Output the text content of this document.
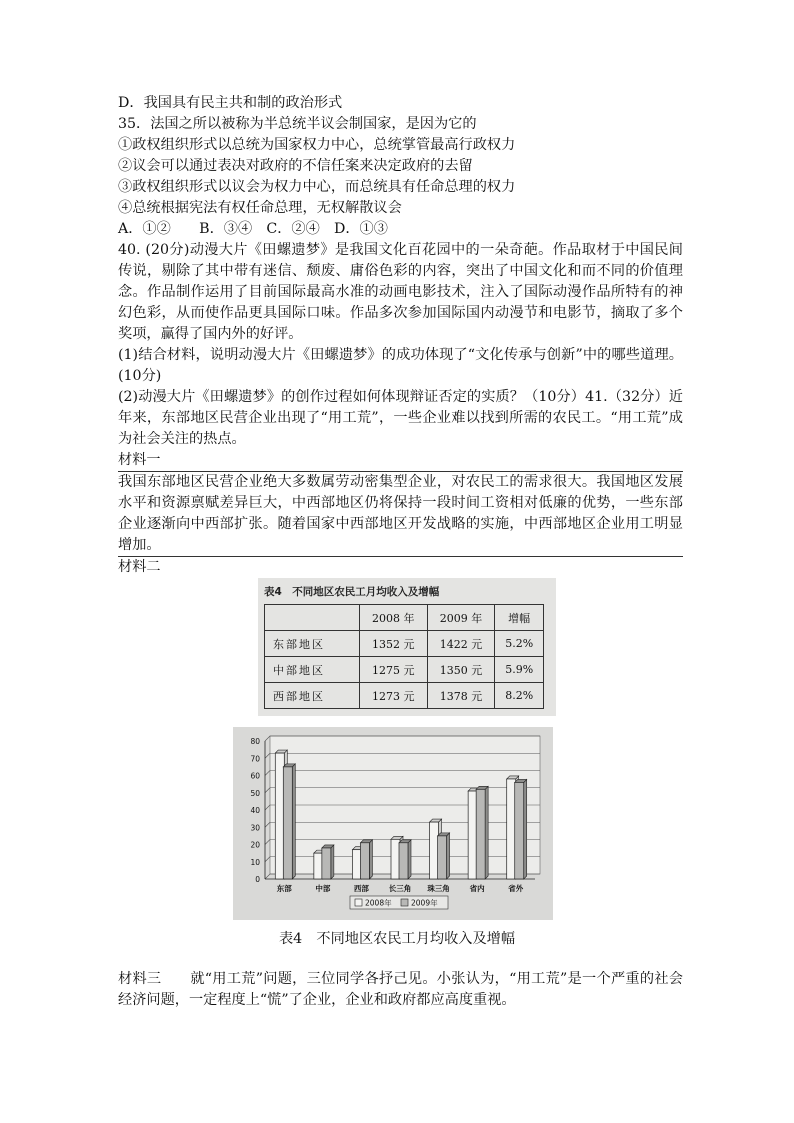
D．我国具有民主共和制的政治形式
35．法国之所以被称为半总统半议会制国家，是因为它的
①政权组织形式以总统为国家权力中心，总统掌管最高行政权力
②议会可以通过表决对政府的不信任案来决定政府的去留
③政权组织形式以议会为权力中心，而总统具有任命总理的权力
④总统根据宪法有权任命总理，无权解散议会
A．①②　　B．③④　C．②④　D．①③
40. (20分)动漫大片《田螺遗梦》是我国文化百花园中的一朵奇葩。作品取材于中国民间传说，剔除了其中带有迷信、颓废、庸俗色彩的内容，突出了中国文化和而不同的价值理念。作品制作运用了目前国际最高水准的动画电影技术，注入了国际动漫作品所特有的神幻色彩，从而使作品更具国际口味。作品多次参加国际国内动漫节和电影节，摘取了多个奖项，赢得了国内外的好评。
(1)结合材料，说明动漫大片《田螺遗梦》的成功体现了“文化传承与创新”中的哪些道理。(10分)
(2)动漫大片《田螺遗梦》的创作过程如何体现辩证否定的实质？（10分）41.（32分）近年来，东部地区民营企业出现了“用工荒”，一些企业难以找到所需的农民工。“用工荒”成为社会关注的热点。
材料一
我国东部地区民营企业绝大多数属劳动密集型企业，对农民工的需求很大。我国地区发展水平和资源禀赋差异巨大，中西部地区仍将保持一段时间工资相对低廉的优势，一些东部企业逐渐向中西部扩张。随着国家中西部地区开发战略的实施，中西部地区企业用工明显增加。
材料二
表4　不同地区农民工月均收入及增幅
	2008 年	2009 年	增幅
东部地区	1352 元	1422 元	5.2%
中部地区	1275 元	1350 元	5.9%
西部地区	1273 元	1378 元	8.2%
0
10
20
30
40
50
60
70
80
东部	中部	西部	长三角 珠三角	省内	省外
2008年	2009年
表4　不同地区农民工月均收入及增幅
材料三　　就“用工荒”问题，三位同学各抒己见。小张认为，“用工荒”是一个严重的社会经济问题，一定程度上“慌”了企业，企业和政府都应高度重视。
